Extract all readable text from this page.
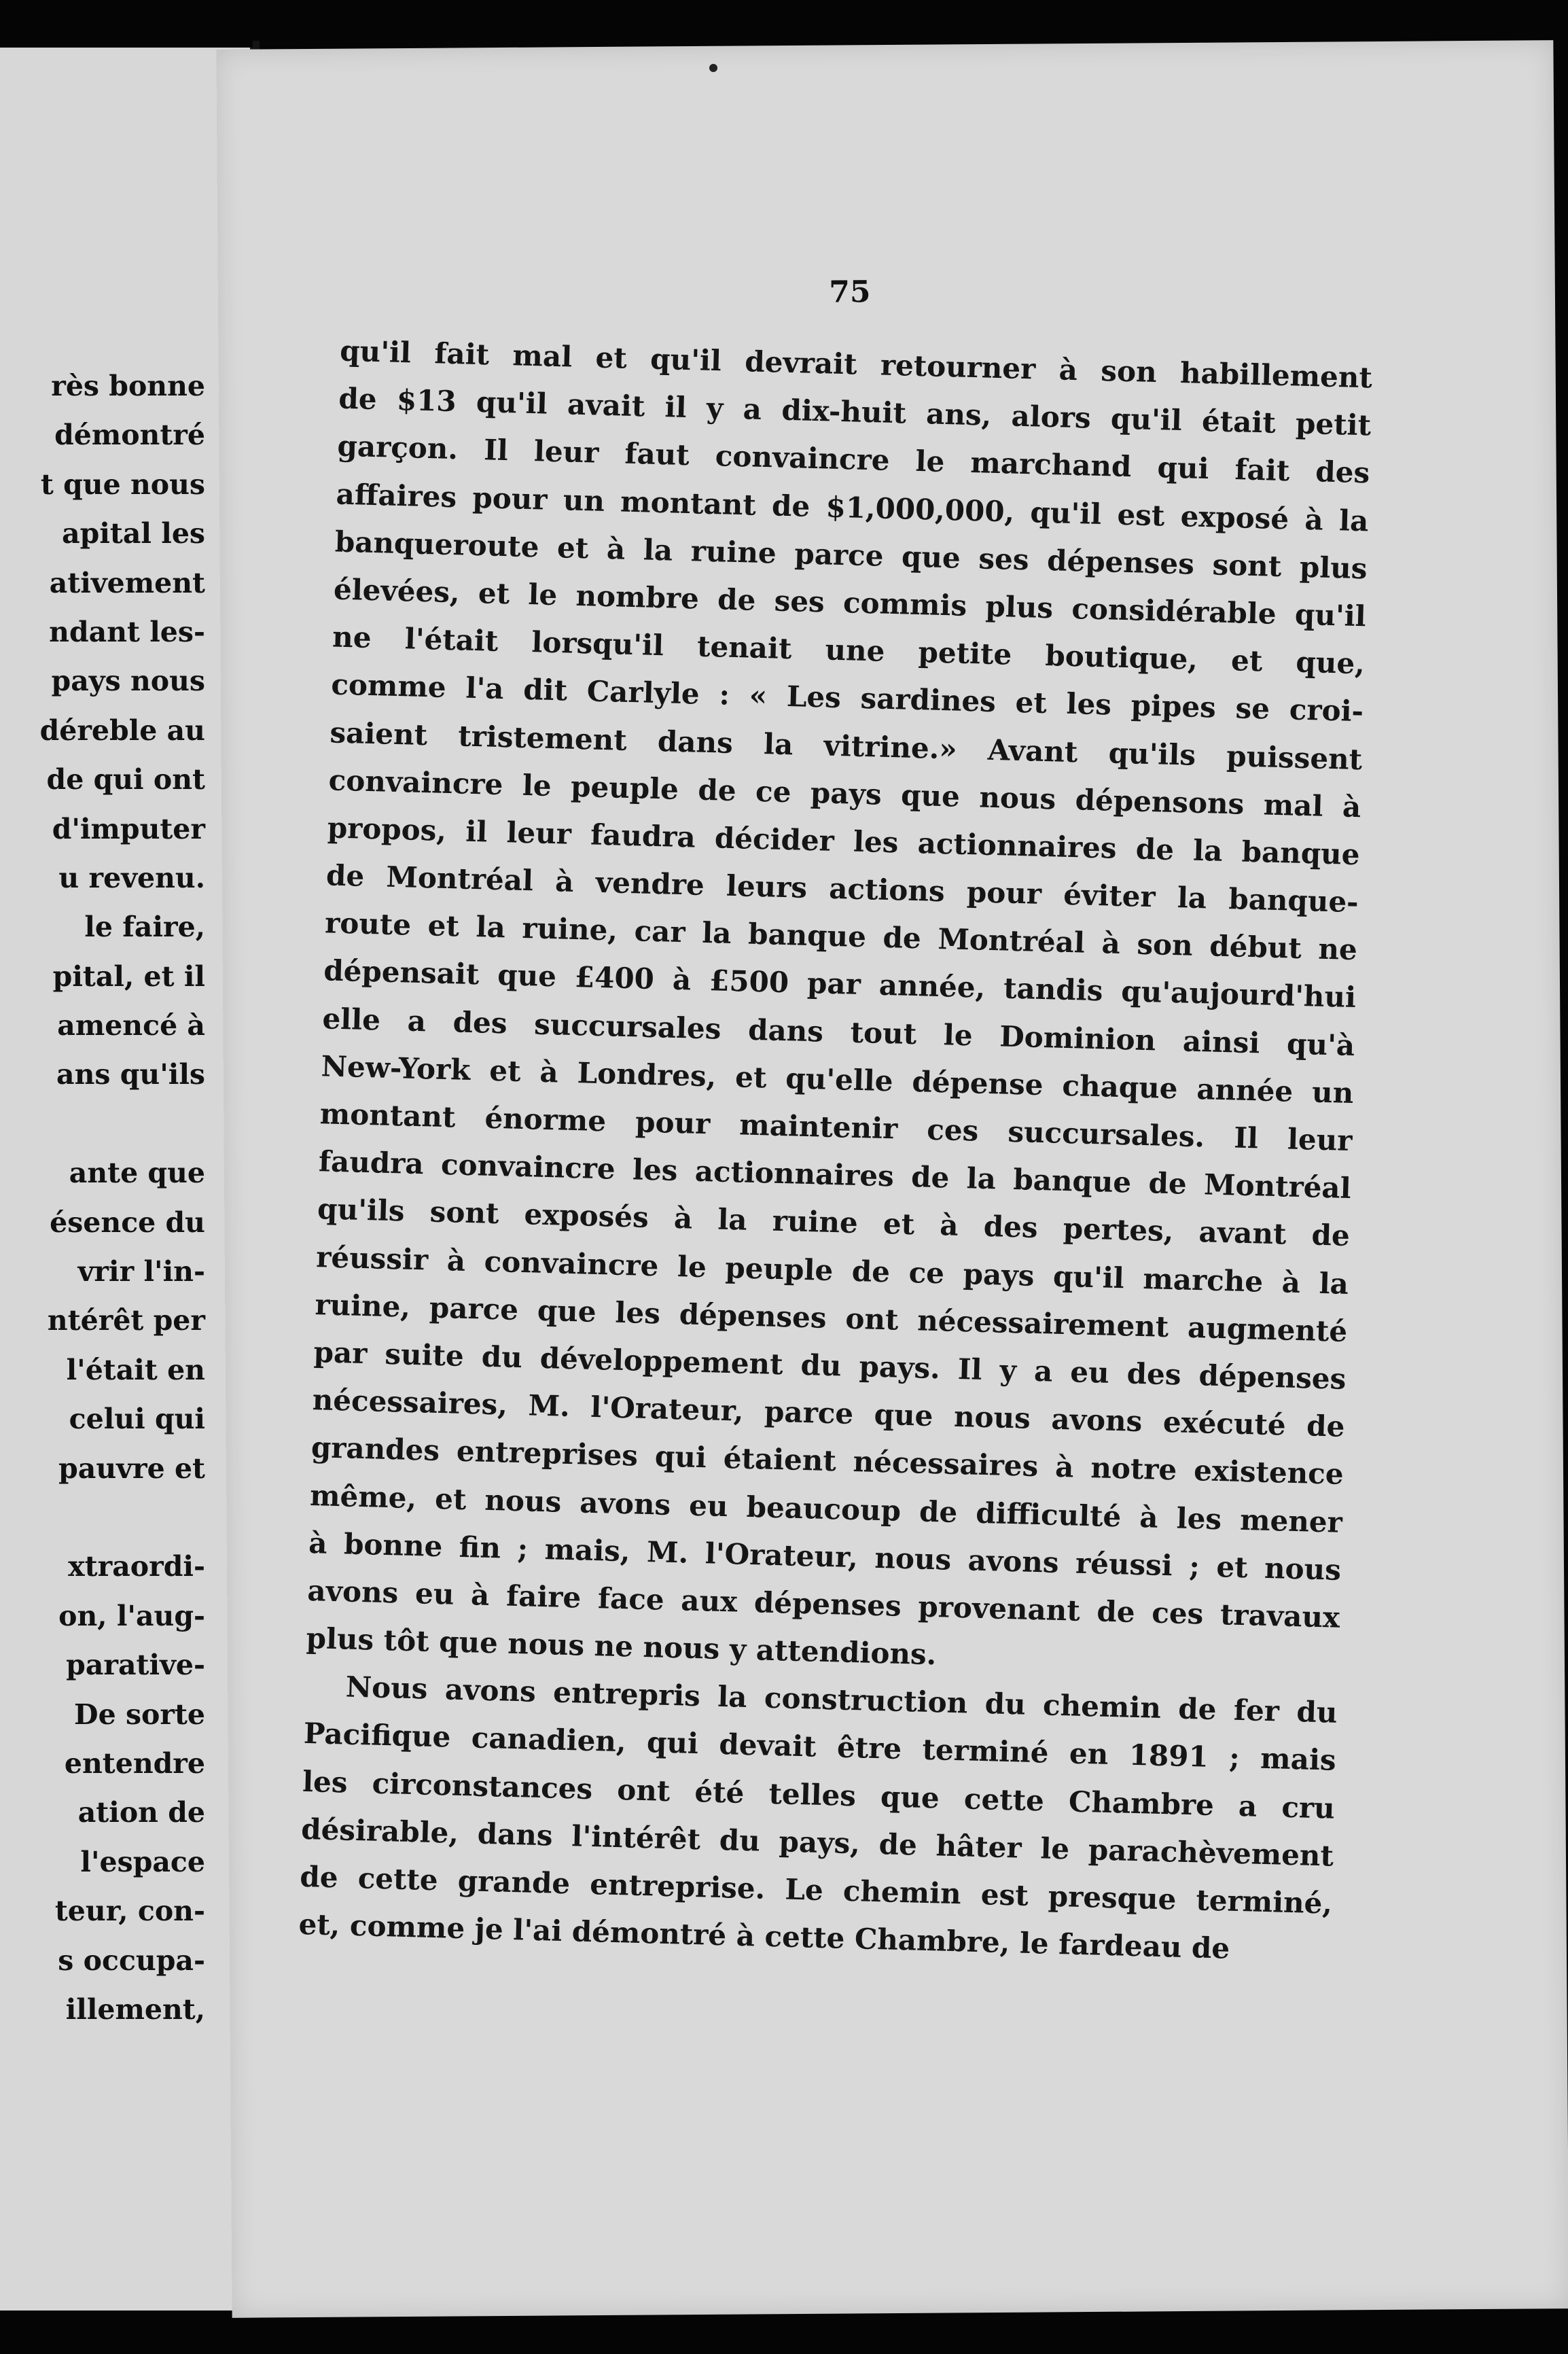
rès bonne
démontré
t que nous
apital les
ativement
ndant les-
pays nous
déreble au
de qui ont
d'imputer
u revenu.
le faire,
pital, et il
amencé à
ans qu'ils
ante que
ésence du
vrir l'in-
ntérêt per
l'était en
celui qui
pauvre et
xtraordi-
on, l'aug-
parative-
De sorte
entendre
ation de
l'espace
teur, con-
s occupa-
illement,
75
qu'il fait mal et qu'il devrait retourner à son habillement
de $13 qu'il avait il y a dix-huit ans, alors qu'il était petit
garçon. Il leur faut convaincre le marchand qui fait des
affaires pour un montant de $1,000,000, qu'il est exposé à la
banqueroute et à la ruine parce que ses dépenses sont plus
élevées, et le nombre de ses commis plus considérable qu'il
ne l'était lorsqu'il tenait une petite boutique, et que,
comme l'a dit Carlyle : « Les sardines et les pipes se croi-
saient tristement dans la vitrine.» Avant qu'ils puissent
convaincre le peuple de ce pays que nous dépensons mal à
propos, il leur faudra décider les actionnaires de la banque
de Montréal à vendre leurs actions pour éviter la banque-
route et la ruine, car la banque de Montréal à son début ne
dépensait que £400 à £500 par année, tandis qu'aujourd'hui
elle a des succursales dans tout le Dominion ainsi qu'à
New-York et à Londres, et qu'elle dépense chaque année un
montant énorme pour maintenir ces succursales. Il leur
faudra convaincre les actionnaires de la banque de Montréal
qu'ils sont exposés à la ruine et à des pertes, avant de
réussir à convaincre le peuple de ce pays qu'il marche à la
ruine, parce que les dépenses ont nécessairement augmenté
par suite du développement du pays. Il y a eu des dépenses
nécessaires, M. l'Orateur, parce que nous avons exécuté de
grandes entreprises qui étaient nécessaires à notre existence
même, et nous avons eu beaucoup de difficulté à les mener
à bonne fin ; mais, M. l'Orateur, nous avons réussi ; et nous
avons eu à faire face aux dépenses provenant de ces travaux
plus tôt que nous ne nous y attendions.
Nous avons entrepris la construction du chemin de fer du
Pacifique canadien, qui devait être terminé en 1891 ; mais
les circonstances ont été telles que cette Chambre a cru
désirable, dans l'intérêt du pays, de hâter le parachèvement
de cette grande entreprise. Le chemin est presque terminé,
et, comme je l'ai démontré à cette Chambre, le fardeau de
